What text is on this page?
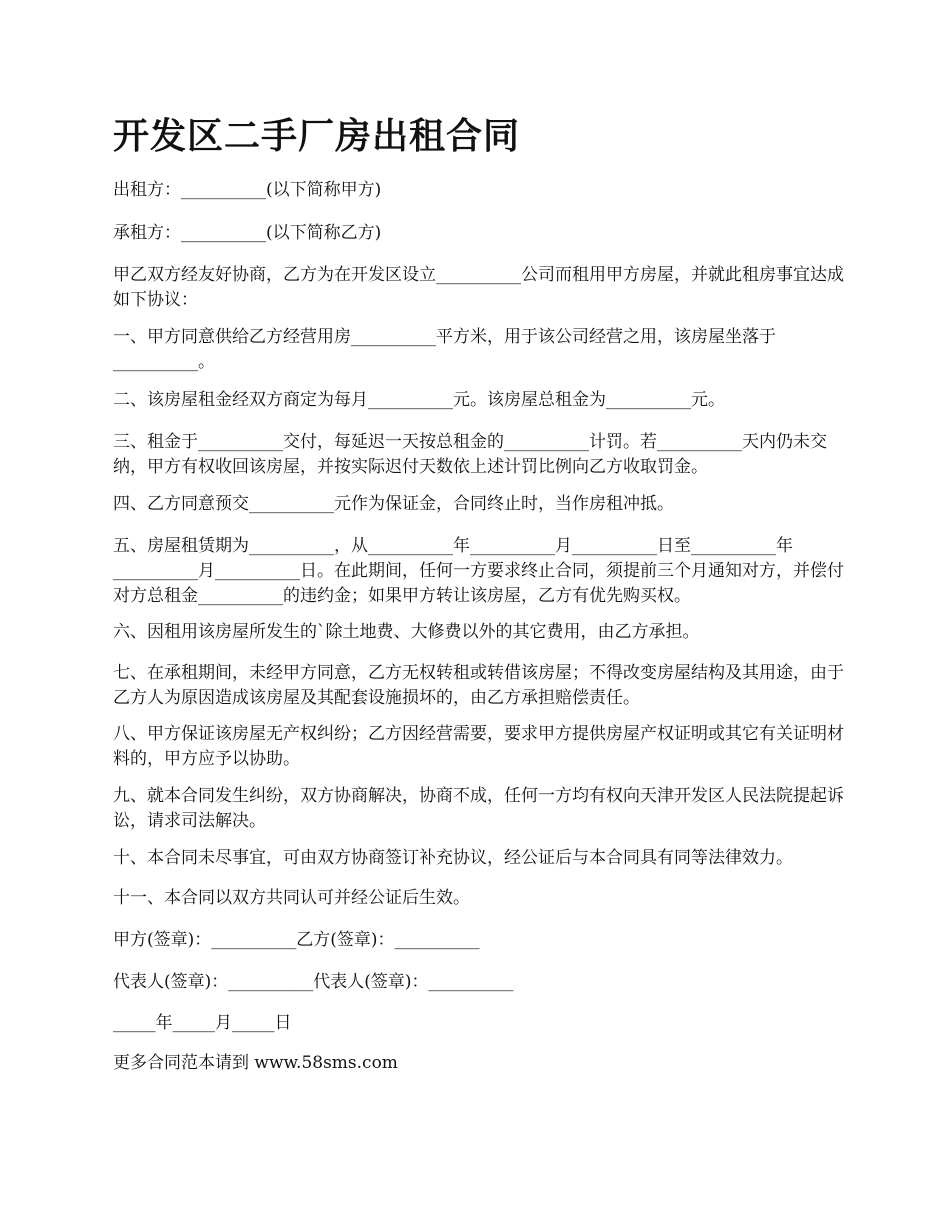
开发区二手厂房出租合同

出租方：__________(以下简称甲方)

承租方：__________(以下简称乙方)

甲乙双方经友好协商，乙方为在开发区设立__________公司而租用甲方房屋，并就此租房事宜达成如下协议：

一、甲方同意供给乙方经营用房__________平方米，用于该公司经营之用，该房屋坐落于__________。

二、该房屋租金经双方商定为每月__________元。该房屋总租金为__________元。

三、租金于__________交付，每延迟一天按总租金的__________计罚。若__________天内仍未交纳，甲方有权收回该房屋，并按实际迟付天数依上述计罚比例向乙方收取罚金。

四、乙方同意预交__________元作为保证金，合同终止时，当作房租冲抵。

五、房屋租赁期为__________，从__________年__________月__________日至__________年__________月__________日。在此期间，任何一方要求终止合同，须提前三个月通知对方，并偿付对方总租金__________的违约金；如果甲方转让该房屋，乙方有优先购买权。

六、因租用该房屋所发生的`除土地费、大修费以外的其它费用，由乙方承担。

七、在承租期间，未经甲方同意，乙方无权转租或转借该房屋；不得改变房屋结构及其用途，由于乙方人为原因造成该房屋及其配套设施损坏的，由乙方承担赔偿责任。

八、甲方保证该房屋无产权纠纷；乙方因经营需要，要求甲方提供房屋产权证明或其它有关证明材料的，甲方应予以协助。

九、就本合同发生纠纷，双方协商解决，协商不成，任何一方均有权向天津开发区人民法院提起诉讼，请求司法解决。

十、本合同未尽事宜，可由双方协商签订补充协议，经公证后与本合同具有同等法律效力。

十一、本合同以双方共同认可并经公证后生效。

甲方(签章)：__________乙方(签章)：__________

代表人(签章)：__________代表人(签章)：__________

_____年_____月_____日

更多合同范本请到 www.58sms.com
